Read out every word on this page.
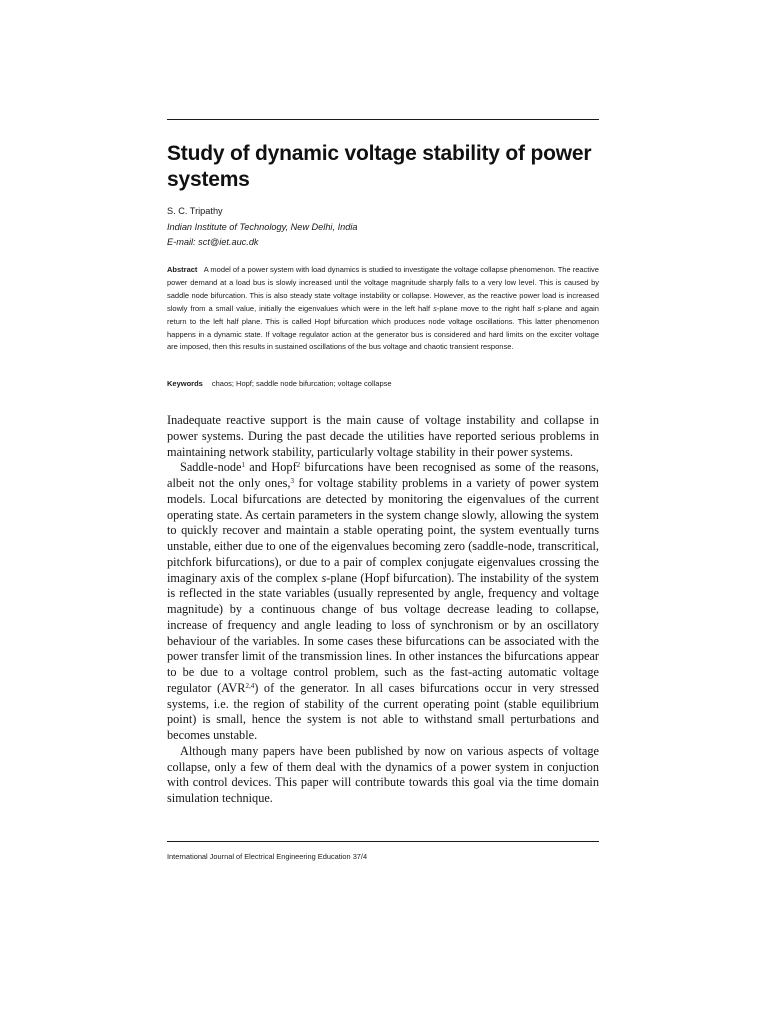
Study of dynamic voltage stability of power systems
S. C. Tripathy
Indian Institute of Technology, New Delhi, India
E-mail: sct@iet.auc.dk

Abstract A model of a power system with load dynamics is studied to investigate the voltage collapse phenomenon. The reactive power demand at a load bus is slowly increased until the voltage magnitude sharply falls to a very low level. This is caused by saddle node bifurcation. This is also steady state voltage instability or collapse. However, as the reactive power load is increased slowly from a small value, initially the eigenvalues which were in the left half s-plane move to the right half s-plane and again return to the left half plane. This is called Hopf bifurcation which produces node voltage oscillations. This latter phenomenon happens in a dynamic state. If voltage regulator action at the generator bus is considered and hard limits on the exciter voltage are imposed, then this results in sustained oscillations of the bus voltage and chaotic transient response.

Keywords chaos; Hopf; saddle node bifurcation; voltage collapse

Inadequate reactive support is the main cause of voltage instability and collapse in power systems. During the past decade the utilities have reported serious problems in maintaining network stability, particularly voltage stability in their power systems.

Saddle-node$^1$ and Hopf$^2$ bifurcations have been recognised as some of the reasons, albeit not the only ones,$^3$ for voltage stability problems in a variety of power system models. Local bifurcations are detected by monitoring the eigenvalues of the current operating state. As certain parameters in the system change slowly, allowing the system to quickly recover and maintain a stable operating point, the system eventually turns unstable, either due to one of the eigenvalues becoming zero (saddle-node, transcritical, pitchfork bifurcations), or due to a pair of complex conjugate eigenvalues crossing the imaginary axis of the complex s-plane (Hopf bifurcation). The instability of the system is reflected in the state variables (usually represented by angle, frequency and voltage magnitude) by a continuous change of bus voltage decrease leading to collapse, increase of frequency and angle leading to loss of synchronism or by an oscillatory behaviour of the variables. In some cases these bifurcations can be associated with the power transfer limit of the transmission lines. In other instances the bifurcations appear to be due to a voltage control problem, such as the fast-acting automatic voltage regulator (AVR$^{2,4}$) of the generator. In all cases bifurcations occur in very stressed systems, i.e. the region of stability of the current operating point (stable equilibrium point) is small, hence the system is not able to withstand small perturbations and becomes unstable.

Although many papers have been published by now on various aspects of voltage collapse, only a few of them deal with the dynamics of a power system in conjuction with control devices. This paper will contribute towards this goal via the time domain simulation technique.

International Journal of Electrical Engineering Education 37/4
